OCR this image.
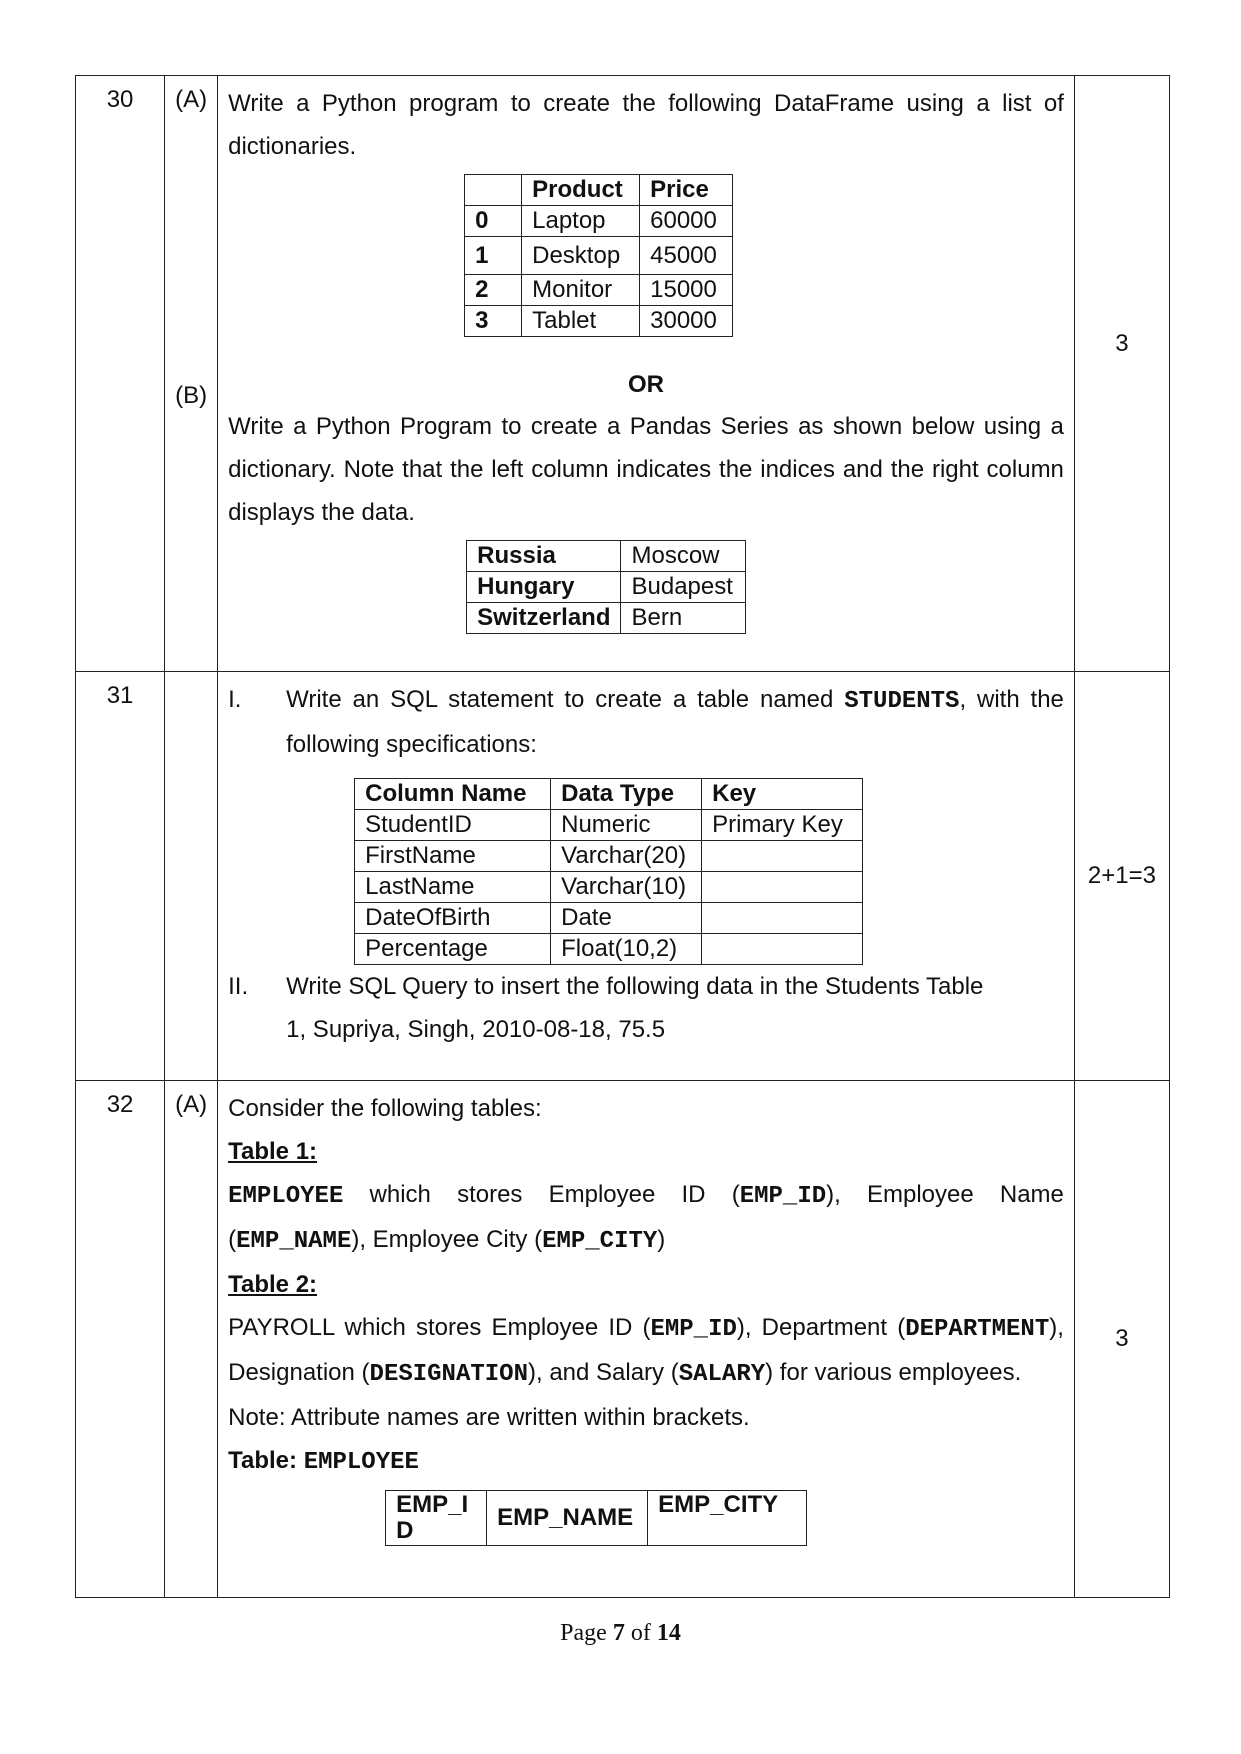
30	(A)
(B)

Write a Python program to create the following DataFrame using a list of dictionaries.

	Product	Price
0	Laptop	60000
1	Desktop	45000
2	Monitor	15000
3	Tablet	30000

OR

Write a Python Program to create a Pandas Series as shown below using a dictionary. Note that the left column indicates the indices and the right column displays the data.

Russia	Moscow
Hungary	Budapest
Switzerland	Bern
	3

31		I.	Write an SQL statement to create a table named STUDENTS, with the following specifications:

Column Name	Data Type	Key
StudentID	Numeric	Primary Key
FirstName	Varchar(20)	
LastName	Varchar(10)	
DateOfBirth	Date	
Percentage	Float(10,2)	
II.	Write SQL Query to insert the following data in the Students Table

1, Supriya, Singh, 2010-08-18, 75.5

	2+1=3

32	(A)	Consider the following tables:

Table 1:

EMPLOYEE which stores Employee ID (EMP_ID), Employee Name (EMP_NAME), Employee City (EMP_CITY)

Table 2:

PAYROLL which stores Employee ID (EMP_ID), Department (DEPARTMENT), Designation (DESIGNATION), and Salary (SALARY) for various employees.

Note: Attribute names are written within brackets.

Table: EMPLOYEE

EMP_ID	EMP_NAME	EMP_CITY
	3
Page 7 of 14
